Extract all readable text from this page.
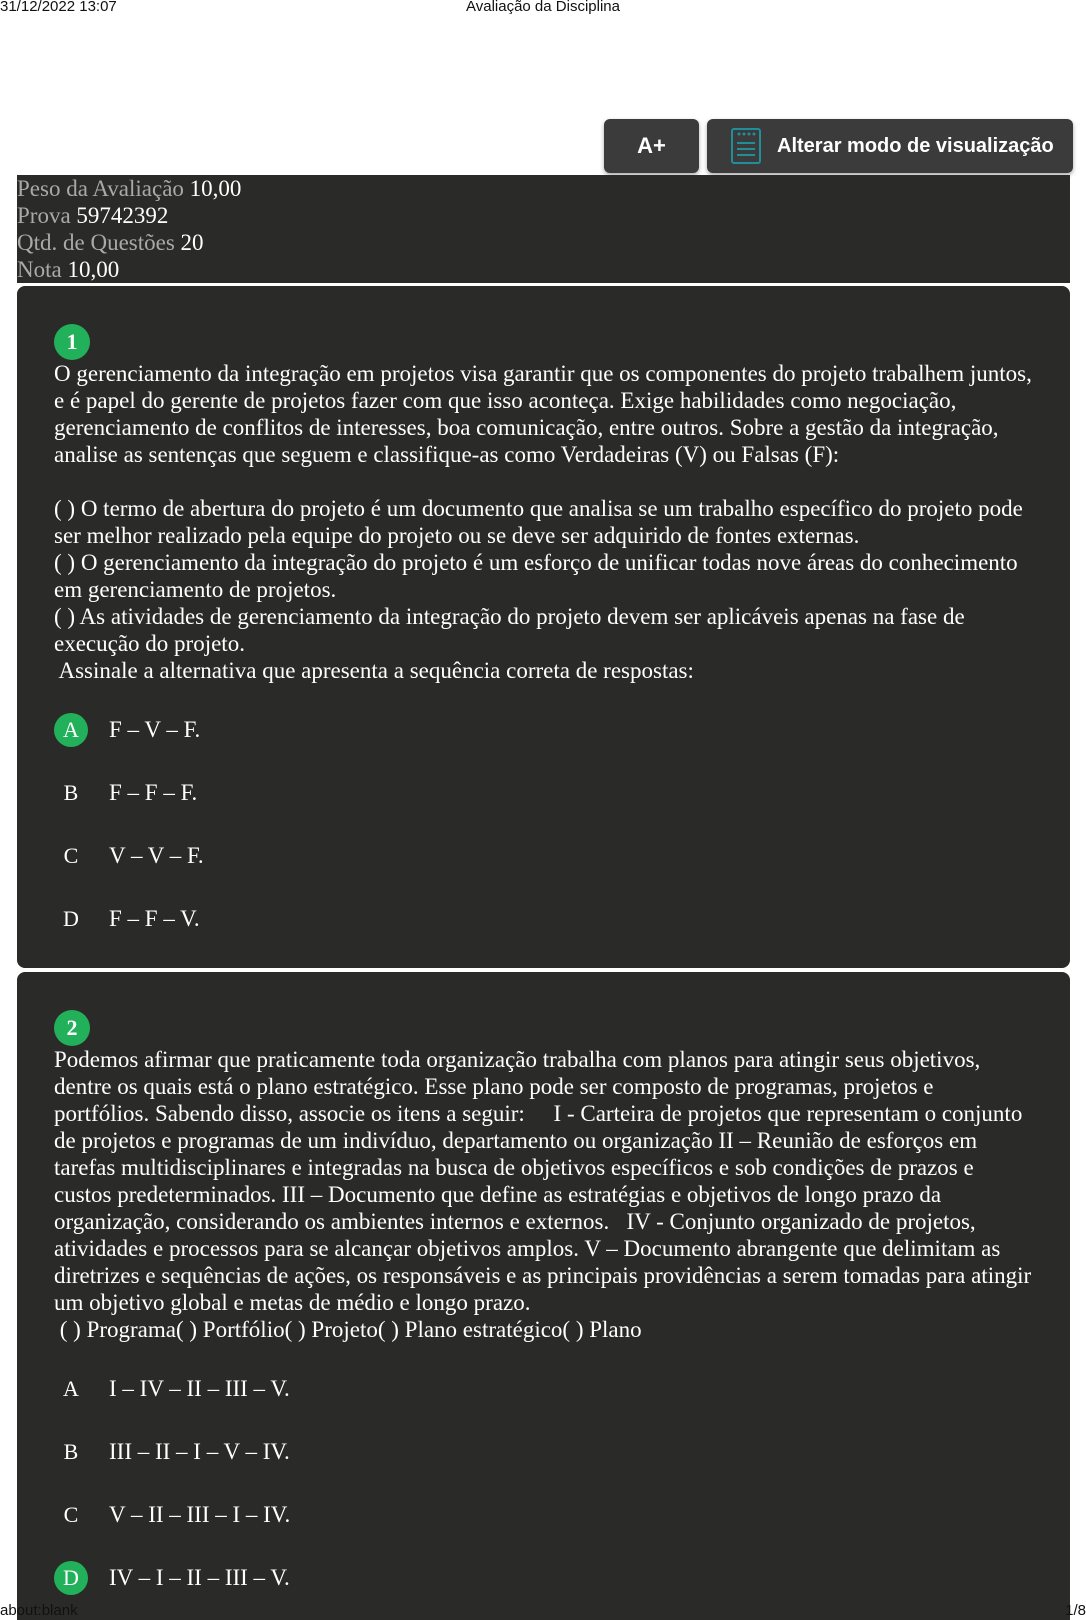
31/12/2022 13:07	Avaliação da Disciplina
A+	Alterar modo de visualização
Peso da Avaliação 10,00
Prova 59742392
Qtd. de Questões 20
Nota 10,00
1

O gerenciamento da integração em projetos visa garantir que os componentes do projeto trabalhem juntos, e é papel do gerente de projetos fazer com que isso aconteça. Exige habilidades como negociação, gerenciamento de conflitos de interesses, boa comunicação, entre outros. Sobre a gestão da integração, analise as sentenças que seguem e classifique-as como Verdadeiras (V) ou Falsas (F):

( ) O termo de abertura do projeto é um documento que analisa se um trabalho específico do projeto pode ser melhor realizado pela equipe do projeto ou se deve ser adquirido de fontes externas.

( ) O gerenciamento da integração do projeto é um esforço de unificar todas nove áreas do conhecimento em gerenciamento de projetos.

( ) As atividades de gerenciamento da integração do projeto devem ser aplicáveis apenas na fase de execução do projeto.

Assinale a alternativa que apresenta a sequência correta de respostas:

A	F – V – F.
B	F – F – F.
C	V – V – F.
D	F – F – V.
2

Podemos afirmar que praticamente toda organização trabalha com planos para atingir seus objetivos, dentre os quais está o plano estratégico. Esse plano pode ser composto de programas, projetos e portfólios. Sabendo disso, associe os itens a seguir:     I - Carteira de projetos que representam o conjunto de projetos e programas de um indivíduo, departamento ou organização II – Reunião de esforços em tarefas multidisciplinares e integradas na busca de objetivos específicos e sob condições de prazos e custos predeterminados. III – Documento que define as estratégias e objetivos de longo prazo da organização, considerando os ambientes internos e externos.   IV - Conjunto organizado de projetos, atividades e processos para se alcançar objetivos amplos. V – Documento abrangente que delimitam as diretrizes e sequências de ações, os responsáveis e as principais providências a serem tomadas para atingir um objetivo global e metas de médio e longo prazo.

( ) Programa( ) Portfólio( ) Projeto( ) Plano estratégico( ) Plano

A	I – IV – II – III – V.
B	III – II – I – V – IV.
C	V – II – III – I – IV.
D	IV – I – II – III – V.
about:blank	1/8
